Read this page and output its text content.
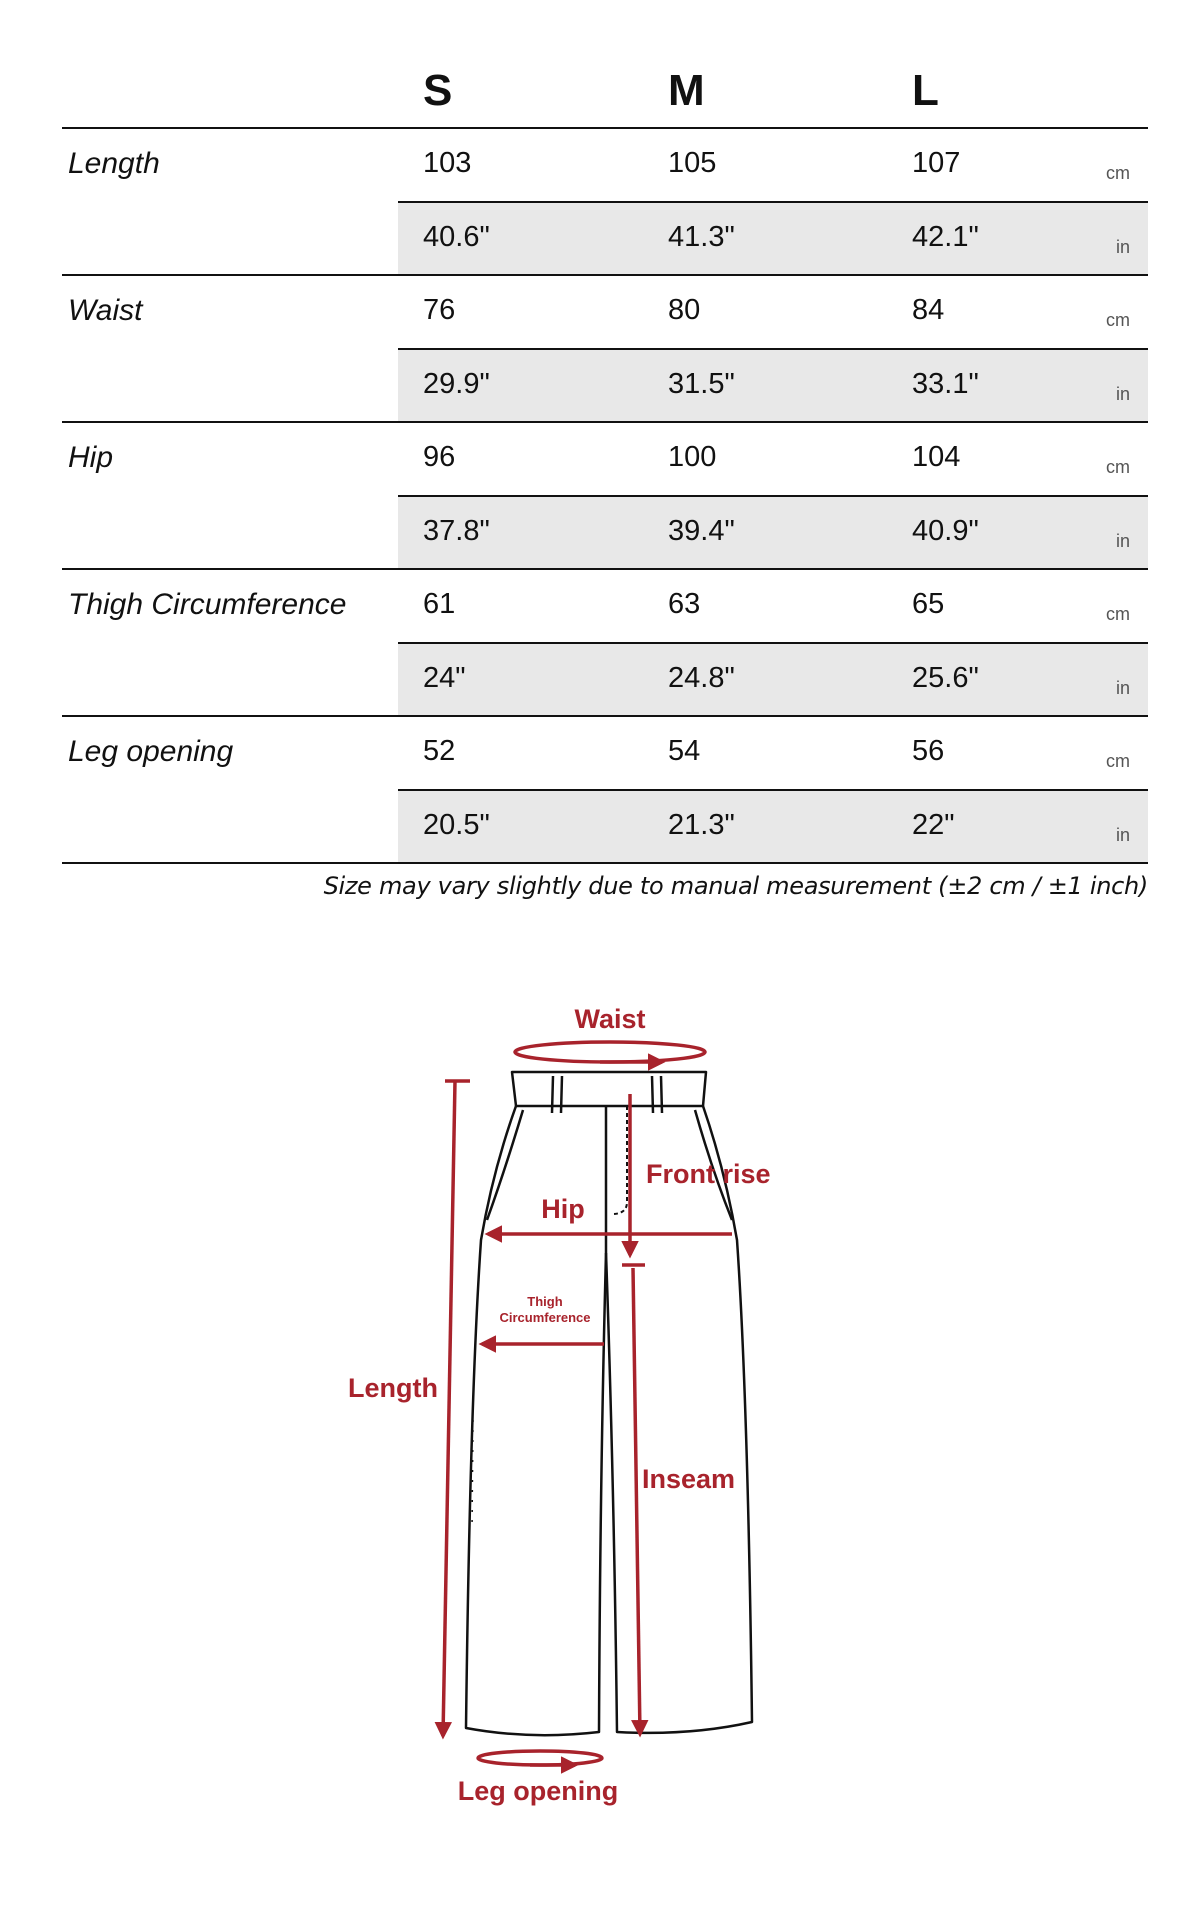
S	M	L
Length	103	105	107	cm
40.6"	41.3"	42.1"	in
Waist	76	80	84	cm
29.9"	31.5"	33.1"	in
Hip	96	100	104	cm
37.8"	39.4"	40.9"	in
Thigh Circumference	61	63	65	cm
24"	24.8"	25.6"	in
Leg opening	52	54	56	cm
20.5"	21.3"	22"	in
Size may vary slightly due to manual measurement (±2 cm / ±1 inch)
Waist
Front rise
Hip
Thigh
Circumference
Length
Inseam
Leg opening
